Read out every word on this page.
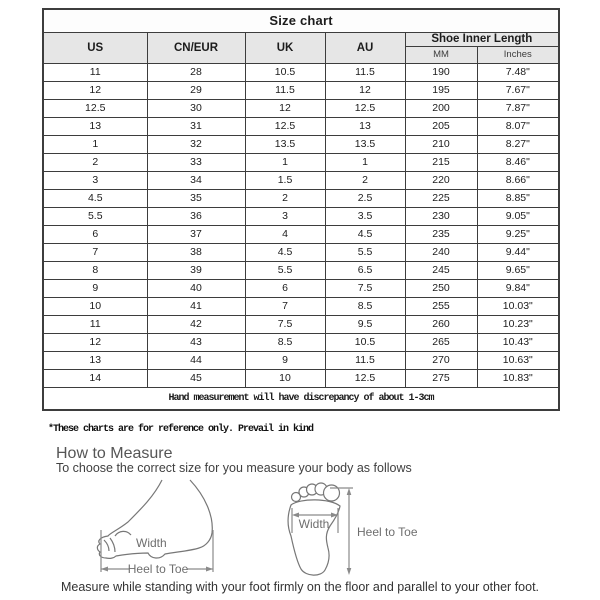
Size chart					
US	CN/EUR	UK	AU	Shoe Inner Length	
				MM	Inches
11	28	10.5	11.5	190	7.48"
12	29	11.5	12	195	7.67"
12.5	30	12	12.5	200	7.87"
13	31	12.5	13	205	8.07"
1	32	13.5	13.5	210	8.27"
2	33	1	1	215	8.46"
3	34	1.5	2	220	8.66"
4.5	35	2	2.5	225	8.85"
5.5	36	3	3.5	230	9.05"
6	37	4	4.5	235	9.25"
7	38	4.5	5.5	240	9.44"
8	39	5.5	6.5	245	9.65"
9	40	6	7.5	250	9.84"
10	41	7	8.5	255	10.03"
11	42	7.5	9.5	260	10.23"
12	43	8.5	10.5	265	10.43"
13	44	9	11.5	270	10.63"
14	45	10	12.5	275	10.83"
Hand measurement will have discrepancy of about 1-3cm					
*These charts are for reference only. Prevail in kind
How to Measure
To choose the correct size for you measure your body as follows
Width
Heel to Toe
Width
Heel to Toe
Measure while standing with your foot firmly on the floor and parallel to your other foot.
